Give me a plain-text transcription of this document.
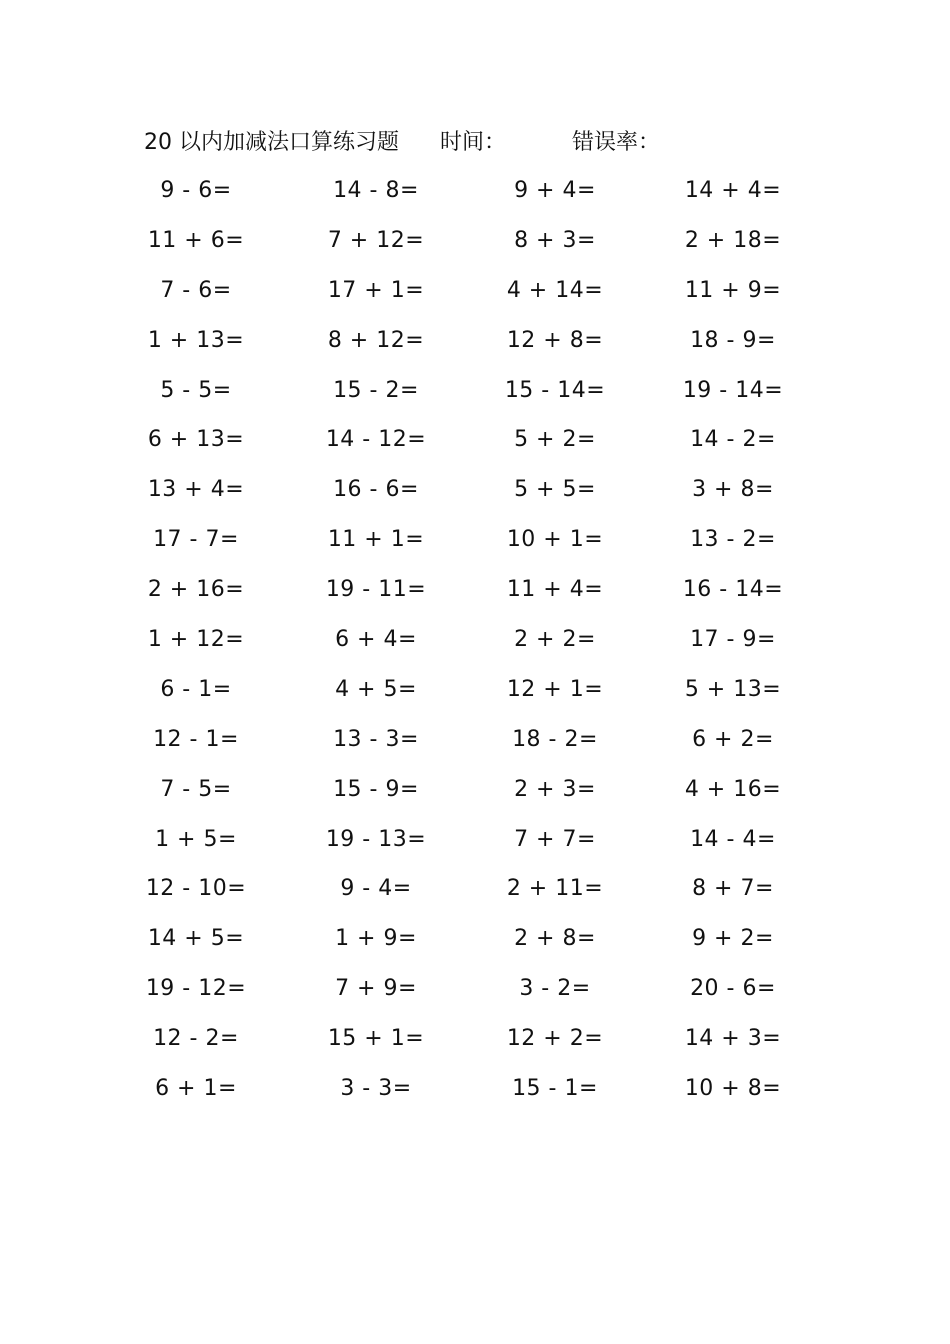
20 以内加减法口算练习题 时间：	错误率：
9 - 6=	14 - 8=	9 + 4=	14 + 4=
11 + 6=	7 + 12=	8 + 3=	2 + 18=
7 - 6=	17 + 1=	4 + 14=	11 + 9=
1 + 13=	8 + 12=	12 + 8=	18 - 9=
5 - 5=	15 - 2=	15 - 14=	19 - 14=
6 + 13=	14 - 12=	5 + 2=	14 - 2=
13 + 4=	16 - 6=	5 + 5=	3 + 8=
17 - 7=	11 + 1=	10 + 1=	13 - 2=
2 + 16=	19 - 11=	11 + 4=	16 - 14=
1 + 12=	6 + 4=	2 + 2=	17 - 9=
6 - 1=	4 + 5=	12 + 1=	5 + 13=
12 - 1=	13 - 3=	18 - 2=	6 + 2=
7 - 5=	15 - 9=	2 + 3=	4 + 16=
1 + 5=	19 - 13=	7 + 7=	14 - 4=
12 - 10=	9 - 4=	2 + 11=	8 + 7=
14 + 5=	1 + 9=	2 + 8=	9 + 2=
19 - 12=	7 + 9=	3 - 2=	20 - 6=
12 - 2=	15 + 1=	12 + 2=	14 + 3=
6 + 1=	3 - 3=	15 - 1=	10 + 8=
